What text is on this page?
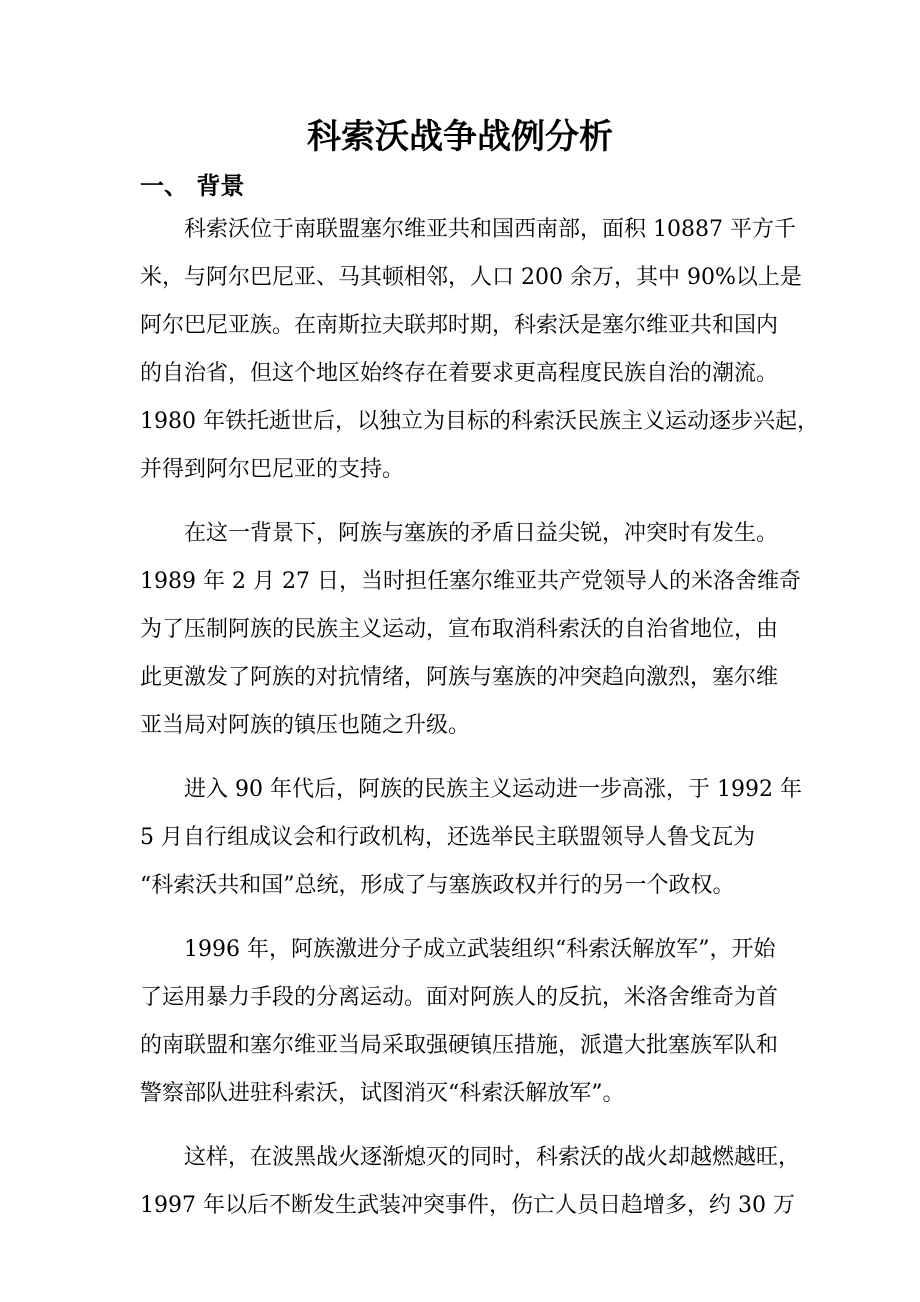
科索沃战争战例分析
一、 背景

科索沃位于南联盟塞尔维亚共和国西南部，面积 10887 平方千
米，与阿尔巴尼亚、马其顿相邻，人口 200 余万，其中 90%以上是
阿尔巴尼亚族。在南斯拉夫联邦时期，科索沃是塞尔维亚共和国内
的自治省，但这个地区始终存在着要求更高程度民族自治的潮流。
1980 年铁托逝世后，以独立为目标的科索沃民族主义运动逐步兴起，
并得到阿尔巴尼亚的支持。

在这一背景下，阿族与塞族的矛盾日益尖锐，冲突时有发生。
1989 年 2 月 27 日，当时担任塞尔维亚共产党领导人的米洛舍维奇
为了压制阿族的民族主义运动，宣布取消科索沃的自治省地位，由
此更激发了阿族的对抗情绪，阿族与塞族的冲突趋向激烈，塞尔维
亚当局对阿族的镇压也随之升级。

进入 90 年代后，阿族的民族主义运动进一步高涨，于 1992 年
5 月自行组成议会和行政机构，还选举民主联盟领导人鲁戈瓦为
“科索沃共和国”总统，形成了与塞族政权并行的另一个政权。

1996 年，阿族激进分子成立武装组织“科索沃解放军”，开始
了运用暴力手段的分离运动。面对阿族人的反抗，米洛舍维奇为首
的南联盟和塞尔维亚当局采取强硬镇压措施，派遣大批塞族军队和
警察部队进驻科索沃，试图消灭“科索沃解放军”。

这样，在波黑战火逐渐熄灭的同时，科索沃的战火却越燃越旺，
1997 年以后不断发生武装冲突事件，伤亡人员日趋增多，约 30 万
